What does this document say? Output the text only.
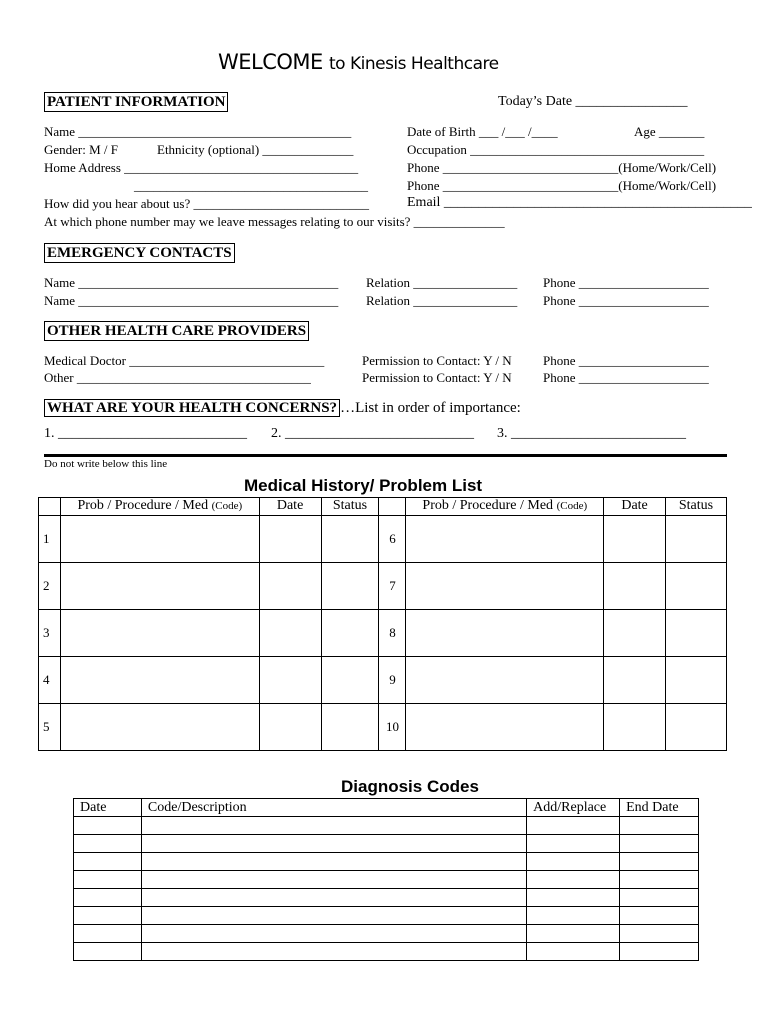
WELCOME to Kinesis Healthcare
PATIENT INFORMATION	Today’s Date ________________
Name __________________________________________	Date of Birth ___ /___ /____	Age _______
Gender: M / F	Ethnicity (optional) ______________	Occupation ____________________________________
Home Address ____________________________________	Phone ___________________________(Home/Work/Cell)
____________________________________	Phone ___________________________(Home/Work/Cell)
How did you hear about us? ___________________________	Email ____________________________________________
At which phone number may we leave messages relating to our visits? ______________
EMERGENCY CONTACTS
Name ________________________________________ Relation ________________ Phone ____________________
Name ________________________________________ Relation ________________ Phone ____________________
OTHER HEALTH CARE PROVIDERS
Medical Doctor ______________________________	Permission to Contact: Y / N Phone ____________________
Other ____________________________________	Permission to Contact: Y / N Phone ____________________
WHAT ARE YOUR HEALTH CONCERNS? …List in order of importance:
1. ___________________________ 2. ___________________________ 3. _________________________
Do not write below this line
Medical History/ Problem List
	Prob / Procedure / Med (Code)	Date	Status		Prob / Procedure / Med (Code)	Date	Status
1				6			
2				7			
3				8			
4				9			
5				10			
Diagnosis Codes
Date	Code/Description	Add/Replace	End Date
